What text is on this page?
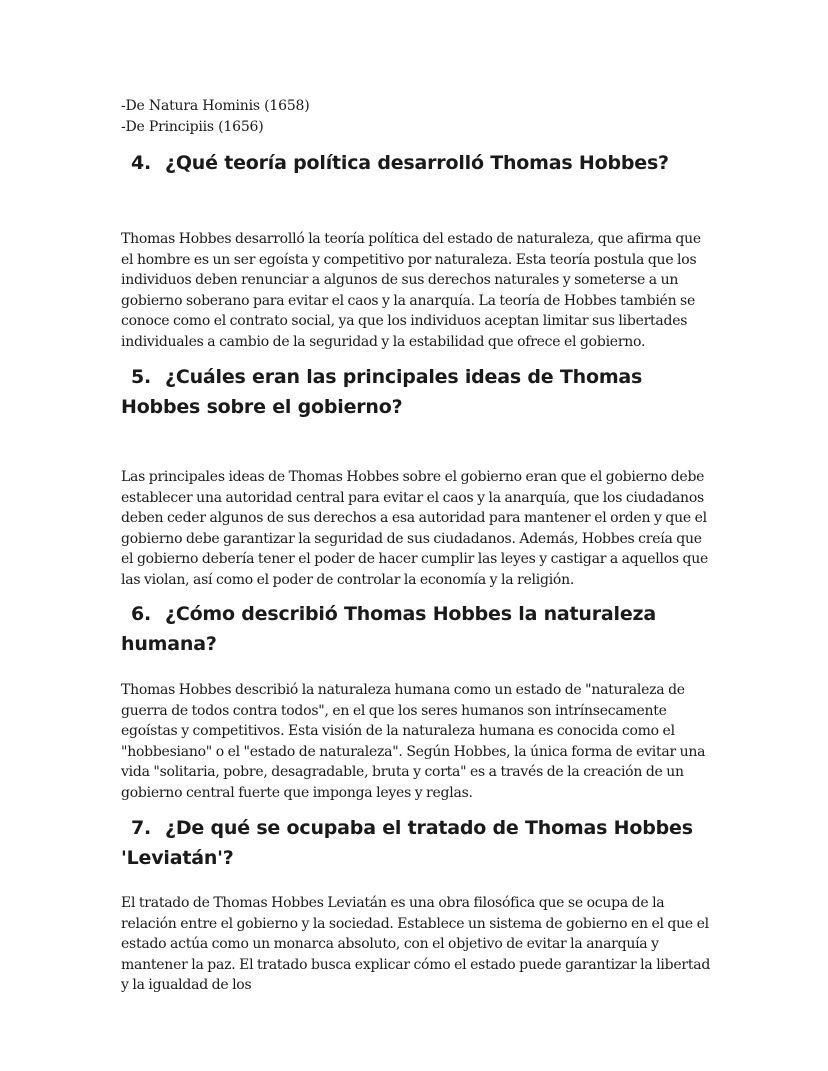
-De Natura Hominis (1658)
-De Principiis (1656)
4. ¿Qué teoría política desarrolló Thomas Hobbes?

Thomas Hobbes desarrolló la teoría política del estado de naturaleza, que afirma que el hombre es un ser egoísta y competitivo por naturaleza. Esta teoría postula que los individuos deben renunciar a algunos de sus derechos naturales y someterse a un gobierno soberano para evitar el caos y la anarquía. La teoría de Hobbes también se conoce como el contrato social, ya que los individuos aceptan limitar sus libertades individuales a cambio de la seguridad y la estabilidad que ofrece el gobierno.

5. ¿Cuáles eran las principales ideas de Thomas Hobbes sobre el gobierno?

Las principales ideas de Thomas Hobbes sobre el gobierno eran que el gobierno debe establecer una autoridad central para evitar el caos y la anarquía, que los ciudadanos deben ceder algunos de sus derechos a esa autoridad para mantener el orden y que el gobierno debe garantizar la seguridad de sus ciudadanos. Además, Hobbes creía que el gobierno debería tener el poder de hacer cumplir las leyes y castigar a aquellos que las violan, así como el poder de controlar la economía y la religión.

6. ¿Cómo describió Thomas Hobbes la naturaleza humana?

Thomas Hobbes describió la naturaleza humana como un estado de "naturaleza de guerra de todos contra todos", en el que los seres humanos son intrínsecamente egoístas y competitivos. Esta visión de la naturaleza humana es conocida como el "hobbesiano" o el "estado de naturaleza". Según Hobbes, la única forma de evitar una vida "solitaria, pobre, desagradable, bruta y corta" es a través de la creación de un gobierno central fuerte que imponga leyes y reglas.

7. ¿De qué se ocupaba el tratado de Thomas Hobbes 'Leviatán'?

El tratado de Thomas Hobbes Leviatán es una obra filosófica que se ocupa de la relación entre el gobierno y la sociedad. Establece un sistema de gobierno en el que el estado actúa como un monarca absoluto, con el objetivo de evitar la anarquía y mantener la paz. El tratado busca explicar cómo el estado puede garantizar la libertad y la igualdad de los
